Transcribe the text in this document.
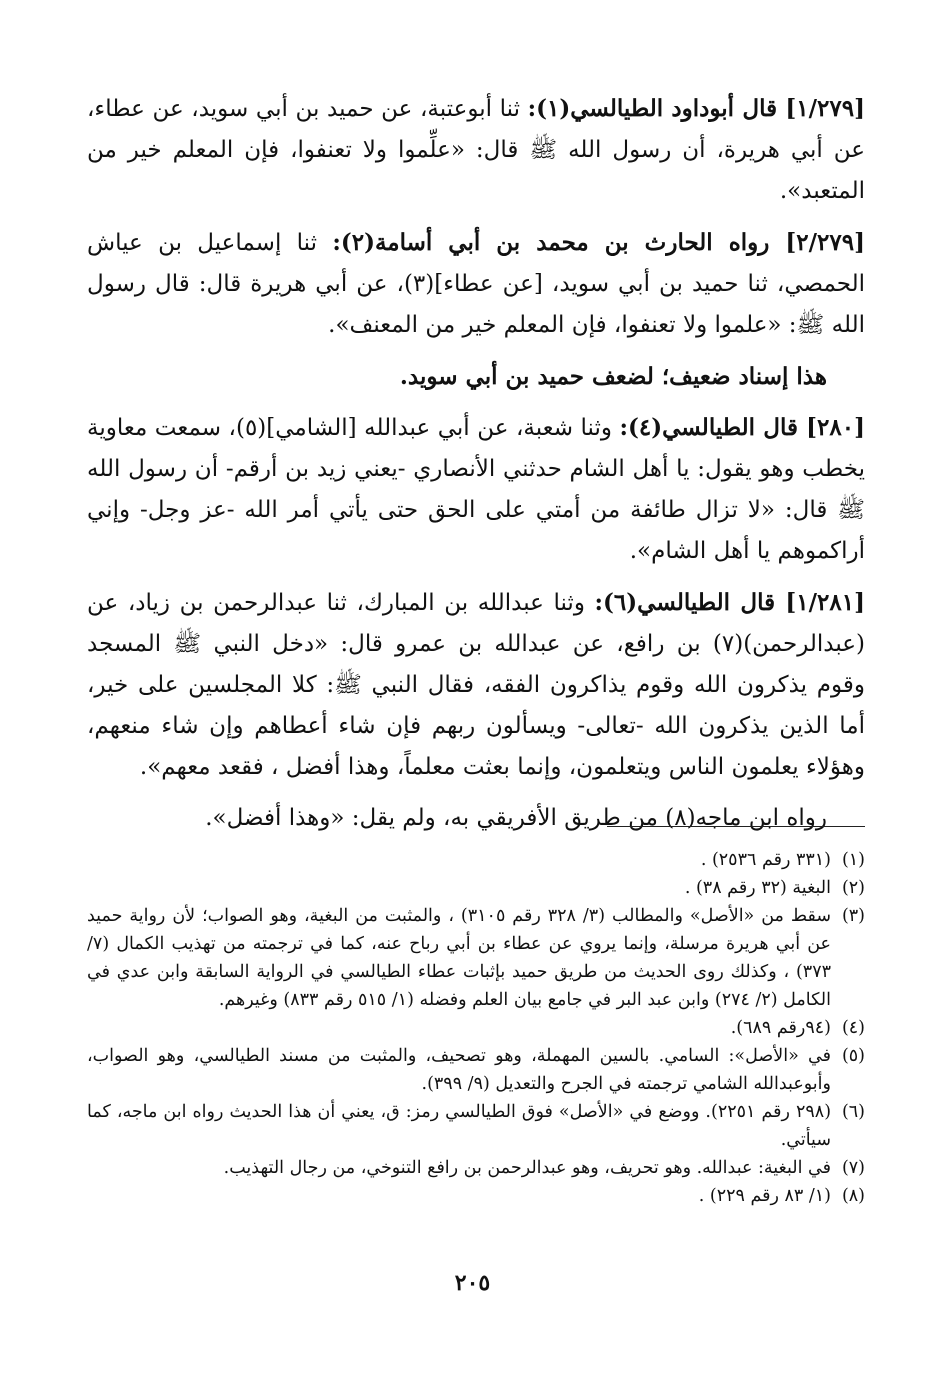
[١/٢٧٩] قال أبوداود الطيالسي(١): ثنا أبوعتبة، عن حميد بن أبي سويد، عن عطاء، عن أبي هريرة، أن رسول الله ﷺ قال: «علِّموا ولا تعنفوا، فإن المعلم خير من المتعبد».

[٢/٢٧٩] رواه الحارث بن محمد بن أبي أسامة(٢): ثنا إسماعيل بن عياش الحمصي، ثنا حميد بن أبي سويد، [عن عطاء](٣)، عن أبي هريرة قال: قال رسول الله ﷺ: «علموا ولا تعنفوا، فإن المعلم خير من المعنف».

هذا إسناد ضعيف؛ لضعف حميد بن أبي سويد.

[٢٨٠] قال الطيالسي(٤): وثنا شعبة، عن أبي عبدالله [الشامي](٥)، سمعت معاوية يخطب وهو يقول: يا أهل الشام حدثني الأنصاري -يعني زيد بن أرقم- أن رسول الله ﷺ قال: «لا تزال طائفة من أمتي على الحق حتى يأتي أمر الله -عز وجل- وإني أراكموهم يا أهل الشام».

[١/٢٨١] قال الطيالسي(٦): وثنا عبدالله بن المبارك، ثنا عبدالرحمن بن زياد، عن (عبدالرحمن)(٧) بن رافع، عن عبدالله بن عمرو قال: «دخل النبي ﷺ المسجد وقوم يذكرون الله وقوم يذاكرون الفقه، فقال النبي ﷺ: كلا المجلسين على خير، أما الذين يذكرون الله -تعالى- ويسألون ربهم فإن شاء أعطاهم وإن شاء منعهم، وهؤلاء يعلمون الناس ويتعلمون، وإنما بعثت معلماً، وهذا أفضل ، فقعد معهم».

رواه ابن ماجه(٨) من طريق الأفريقي به، ولم يقل: «وهذا أفضل».

(١)
(٣٣١ رقم ٢٥٣٦) .
(٢)
البغية (٣٢ رقم ٣٨) .
(٣)
سقط من «الأصل» والمطالب (٣/ ٣٢٨ رقم ٣١٠٥) ، والمثبت من البغية، وهو الصواب؛ لأن رواية حميد عن أبي هريرة مرسلة، وإنما يروي عن عطاء بن أبي رباح عنه، كما في ترجمته من تهذيب الكمال (٧/ ٣٧٣) ، وكذلك روى الحديث من طريق حميد بإثبات عطاء الطيالسي في الرواية السابقة وابن عدي في الكامل (٢/ ٢٧٤) وابن عبد البر في جامع بيان العلم وفضله (١/ ٥١٥ رقم ٨٣٣) وغيرهم.
(٤)
(٩٤رقم ٦٨٩).
(٥)
في «الأصل»: السامي. بالسين المهملة، وهو تصحيف، والمثبت من مسند الطيالسي، وهو الصواب، وأبوعبدالله الشامي ترجمته في الجرح والتعديل (٩/ ٣٩٩).
(٦)
(٢٩٨ رقم ٢٢٥١). ووضع في «الأصل» فوق الطيالسي رمز: ق، يعني أن هذا الحديث رواه ابن ماجه، كما سيأتي.
(٧)
في البغية: عبدالله. وهو تحريف، وهو عبدالرحمن بن رافع التنوخي، من رجال التهذيب.
(٨)
(١/ ٨٣ رقم ٢٢٩) .
٢٠٥
